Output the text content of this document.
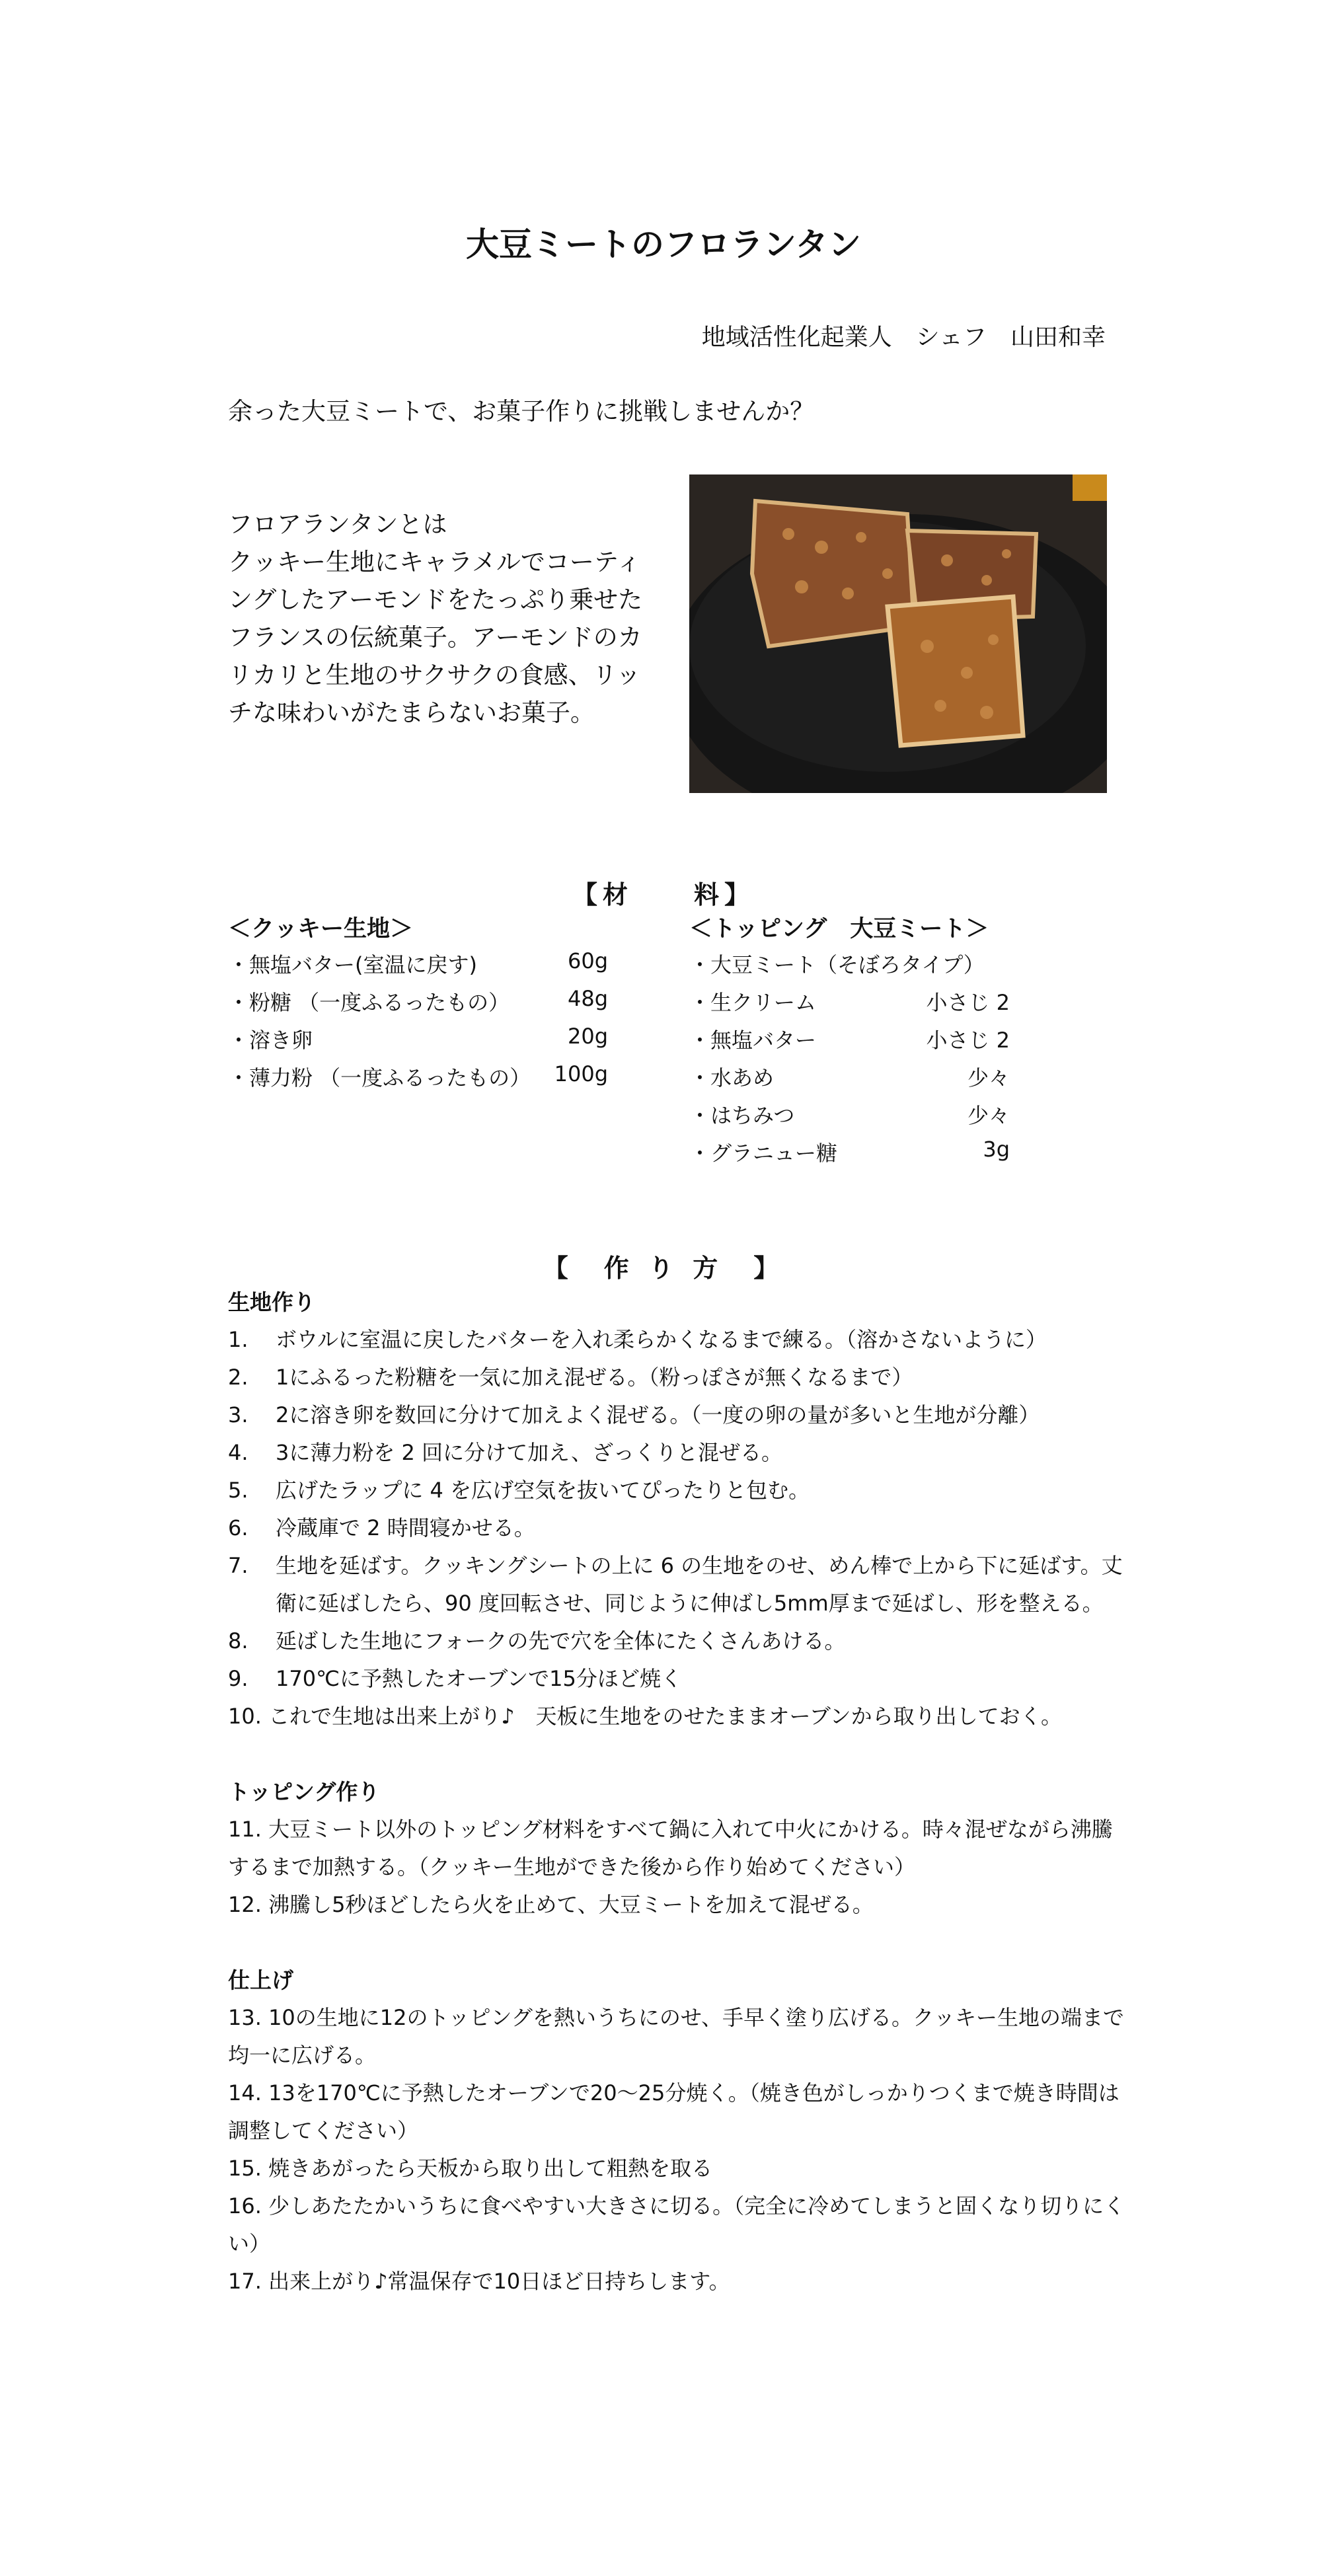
大豆ミートのフロランタン
地域活性化起業人　シェフ　山田和幸
余った大豆ミートで、お菓子作りに挑戦しませんか？
フロアランタンとは
クッキー生地にキャラメルでコーティングしたアーモンドをたっぷり乗せたフランスの伝統菓子。アーモンドのカリカリと生地のサクサクの食感、リッチな味わいがたまらないお菓子。
【材　　料】
＜クッキー生地＞
・無塩バター(室温に戻す)	60g
・粉糖 （一度ふるったもの）	48g
・溶き卵	20g
・薄力粉 （一度ふるったもの） 100g
＜トッピング　大豆ミート＞
・大豆ミート（そぼろタイプ）
・生クリーム	小さじ 2
・無塩バター	小さじ 2
・水あめ	少々
・はちみつ	少々
・グラニュー糖	3g
【　作 り 方　】
生地作り
1. ボウルに室温に戻したバターを入れ柔らかくなるまで練る。（溶かさないように）
2. 1にふるった粉糖を一気に加え混ぜる。（粉っぽさが無くなるまで）
3. 2に溶き卵を数回に分けて加えよく混ぜる。（一度の卵の量が多いと生地が分離）
4. 3に薄力粉を 2 回に分けて加え、ざっくりと混ぜる。
5. 広げたラップに 4 を広げ空気を抜いてぴったりと包む。
6. 冷蔵庫で 2 時間寝かせる。
7. 生地を延ばす。クッキングシートの上に 6 の生地をのせ、めん棒で上から下に延ばす。丈衛に延ばしたら、90 度回転させ、同じように伸ばし5mm厚まで延ばし、形を整える。
8. 延ばした生地にフォークの先で穴を全体にたくさんあける。
9. 170℃に予熱したオーブンで15分ほど焼く
10. これで生地は出来上がり♪　天板に生地をのせたままオーブンから取り出しておく。
トッピング作り
11. 大豆ミート以外のトッピング材料をすべて鍋に入れて中火にかける。時々混ぜながら沸騰するまで加熱する。（クッキー生地ができた後から作り始めてください）
12. 沸騰し5秒ほどしたら火を止めて、大豆ミートを加えて混ぜる。
仕上げ
13. 10の生地に12のトッピングを熱いうちにのせ、手早く塗り広げる。クッキー生地の端まで均一に広げる。
14. 13を170℃に予熱したオーブンで20～25分焼く。（焼き色がしっかりつくまで焼き時間は調整してください）
15. 焼きあがったら天板から取り出して粗熱を取る
16. 少しあたたかいうちに食べやすい大きさに切る。（完全に冷めてしまうと固くなり切りにくい）
17. 出来上がり♪常温保存で10日ほど日持ちします。
